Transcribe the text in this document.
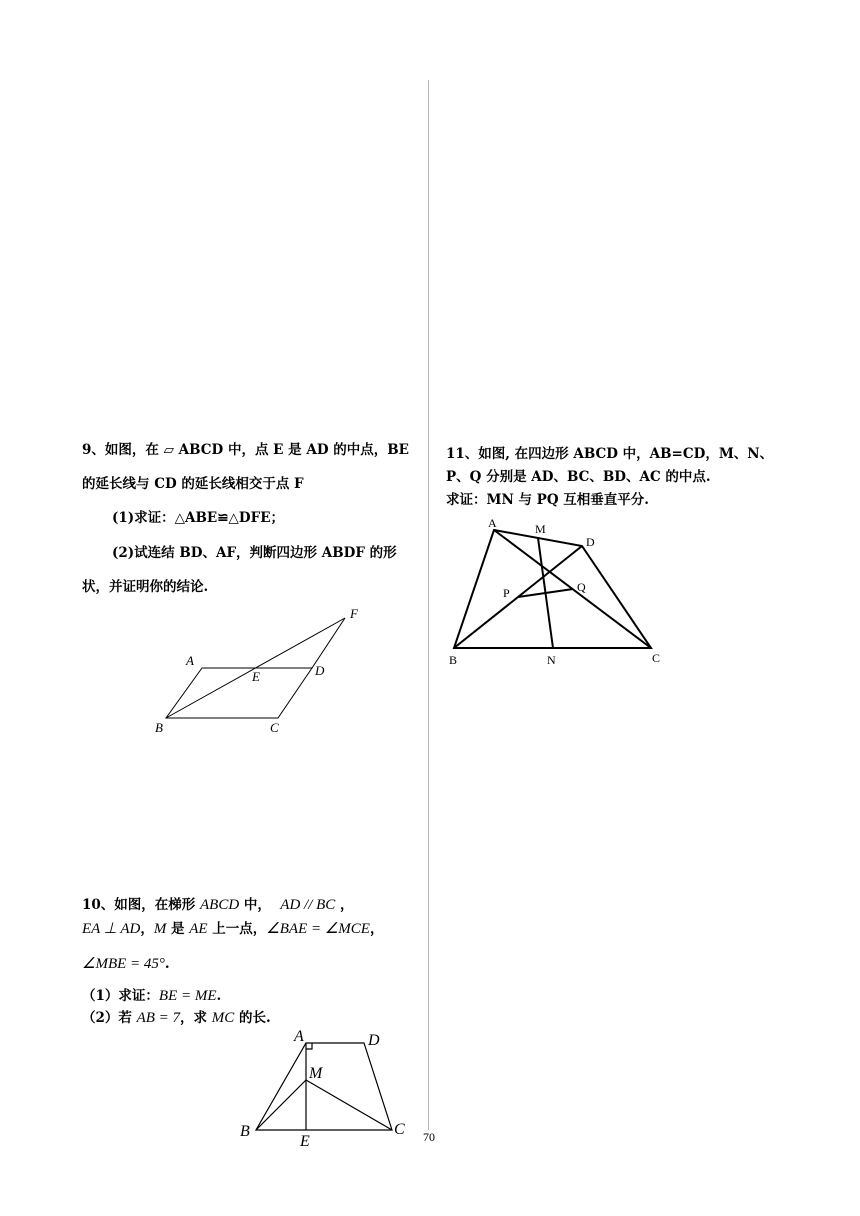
9、如图，在 ▱ ABCD 中，点 E 是 AD 的中点，BE
的延长线与 CD 的延长线相交于点 F
(1)求证：△ABE≌△DFE；
(2)试连结 BD、AF，判断四边形 ABDF 的形
状，并证明你的结论.
F
A
E	D
B	C
10、如图，在梯形 ABCD 中， AD // BC ，
EA ⊥ AD，M 是 AE 上一点，∠BAE = ∠MCE，
∠MBE = 45°.
（1）求证：BE = ME.
（2）若 AB = 7，求 MC 的长.
A	D
M
B
E
C
11、如图, 在四边形 ABCD 中，AB=CD，M、N、
P、Q 分别是 AD、BC、BD、AC 的中点.
求证：MN 与 PQ 互相垂直平分.
A	M
D
P	Q
B	N	C
70
